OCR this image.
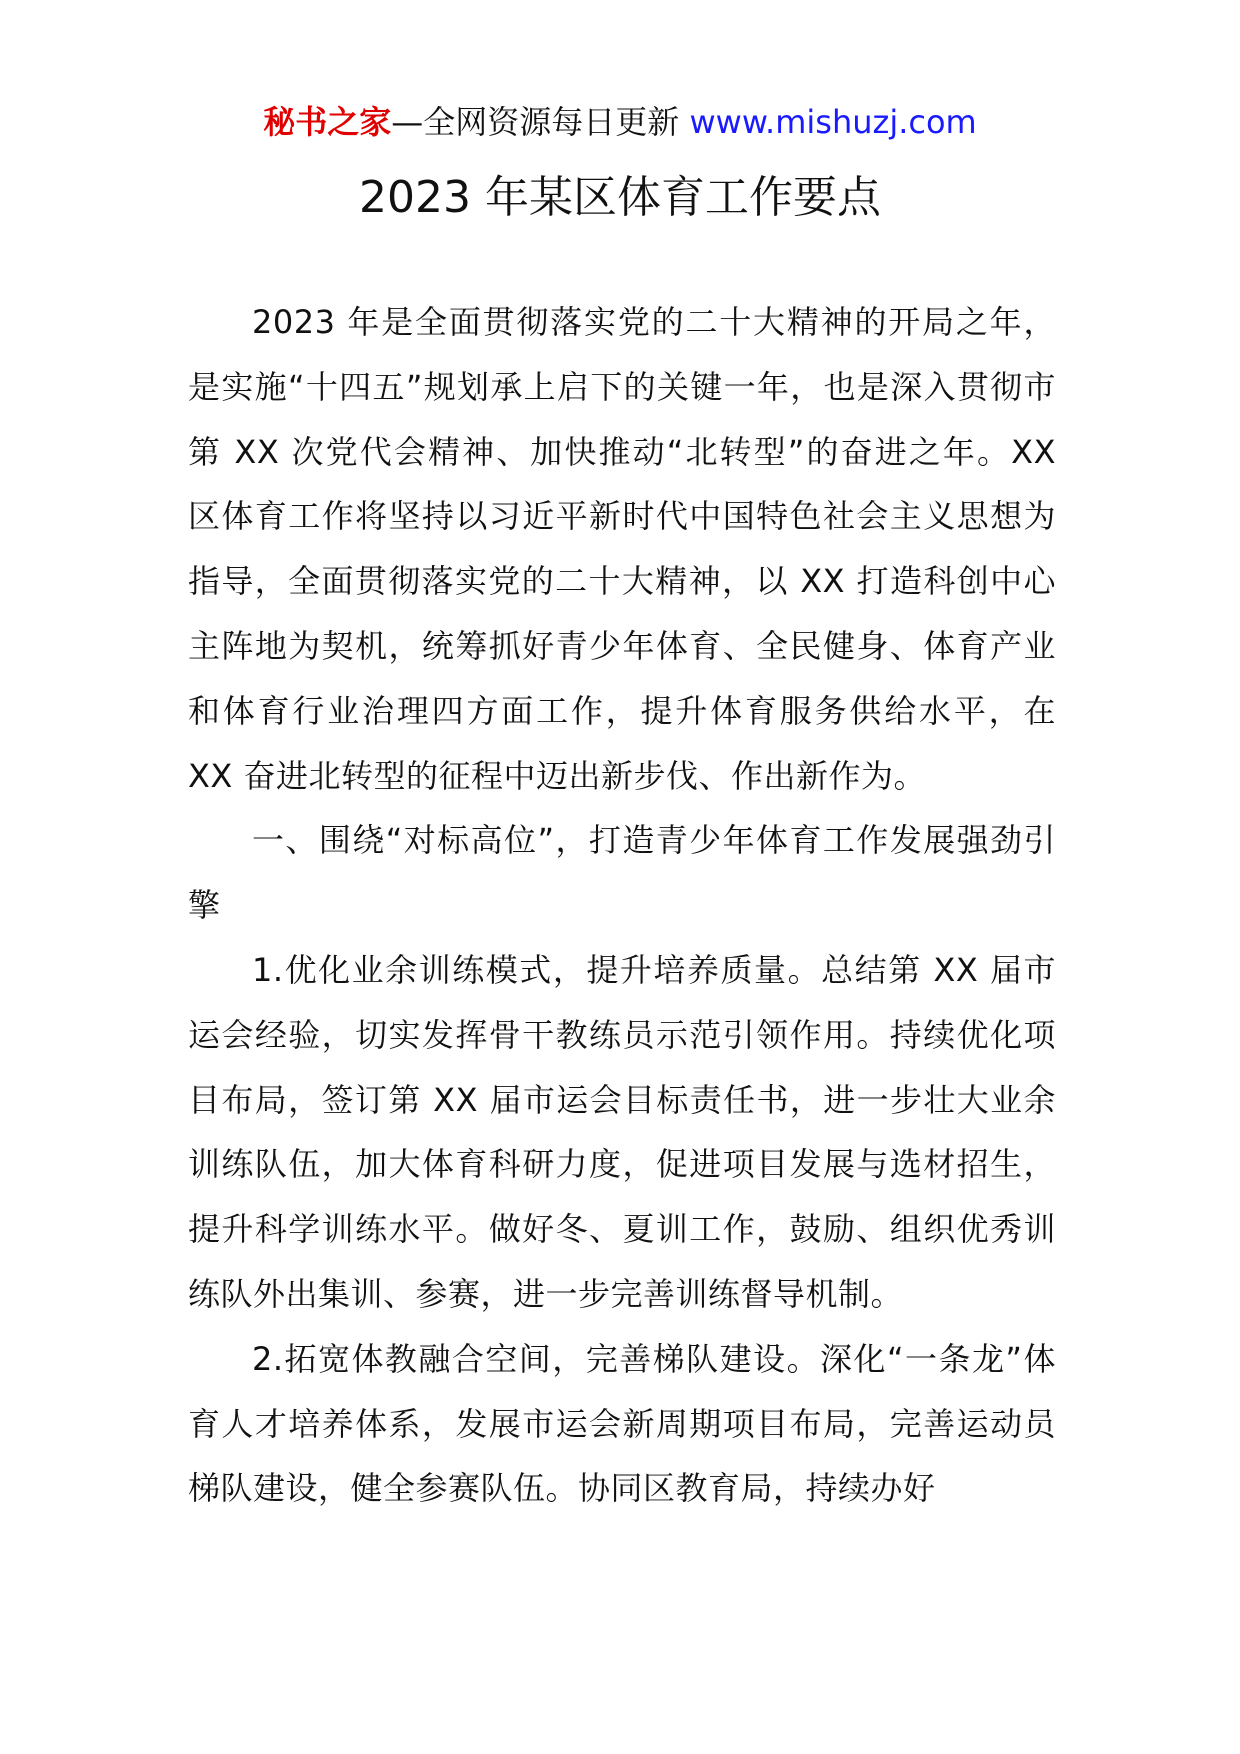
秘书之家—全网资源每日更新 www.mishuzj.com
2023 年某区体育工作要点

2023 年是全面贯彻落实党的二十大精神的开局之年，是实施“十四五”规划承上启下的关键一年，也是深入贯彻市第 XX 次党代会精神、加快推动“北转型”的奋进之年。XX 区体育工作将坚持以习近平新时代中国特色社会主义思想为指导，全面贯彻落实党的二十大精神，以 XX 打造科创中心主阵地为契机，统筹抓好青少年体育、全民健身、体育产业和体育行业治理四方面工作，提升体育服务供给水平，在 XX 奋进北转型的征程中迈出新步伐、作出新作为。

一、围绕“对标高位”，打造青少年体育工作发展强劲引擎

1.优化业余训练模式，提升培养质量。总结第 XX 届市运会经验，切实发挥骨干教练员示范引领作用。持续优化项目布局，签订第 XX 届市运会目标责任书，进一步壮大业余训练队伍，加大体育科研力度，促进项目发展与选材招生，提升科学训练水平。做好冬、夏训工作，鼓励、组织优秀训练队外出集训、参赛，进一步完善训练督导机制。

2.拓宽体教融合空间，完善梯队建设。深化“一条龙”体育人才培养体系，发展市运会新周期项目布局，完善运动员梯队建设，健全参赛队伍。协同区教育局，持续办好
